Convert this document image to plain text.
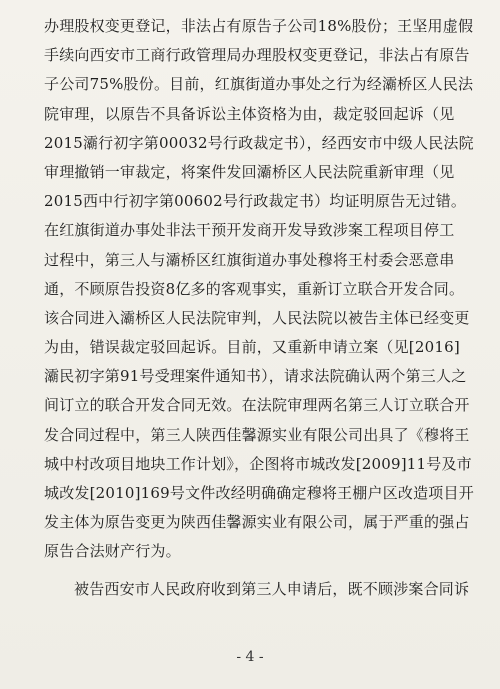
办理股权变更登记，非法占有原告子公司18%股份；王坚用虚假
手续向西安市工商行政管理局办理股权变更登记，非法占有原告
子公司75%股份。目前，红旗街道办事处之行为经灞桥区人民法
院审理，以原告不具备诉讼主体资格为由，裁定驳回起诉（见
2015灞行初字第00032号行政裁定书），经西安市中级人民法院
审理撤销一审裁定，将案件发回灞桥区人民法院重新审理（见
2015西中行初字第00602号行政裁定书）均证明原告无过错。
在红旗街道办事处非法干预开发商开发导致涉案工程项目停工
过程中，第三人与灞桥区红旗街道办事处穆将王村委会恶意串
通，不顾原告投资8亿多的客观事实，重新订立联合开发合同。
该合同进入灞桥区人民法院审判，人民法院以被告主体已经变更
为由，错误裁定驳回起诉。目前，又重新申请立案（见[2016]
灞民初字第91号受理案件通知书），请求法院确认两个第三人之
间订立的联合开发合同无效。在法院审理两名第三人订立联合开
发合同过程中，第三人陕西佳馨源实业有限公司出具了《穆将王
城中村改项目地块工作计划》，企图将市城改发[2009]11号及市
城改发[2010]169号文件改经明确确定穆将王棚户区改造项目开
发主体为原告变更为陕西佳馨源实业有限公司，属于严重的强占
原告合法财产行为。
被告西安市人民政府收到第三人申请后，既不顾涉案合同诉
- 4 -
